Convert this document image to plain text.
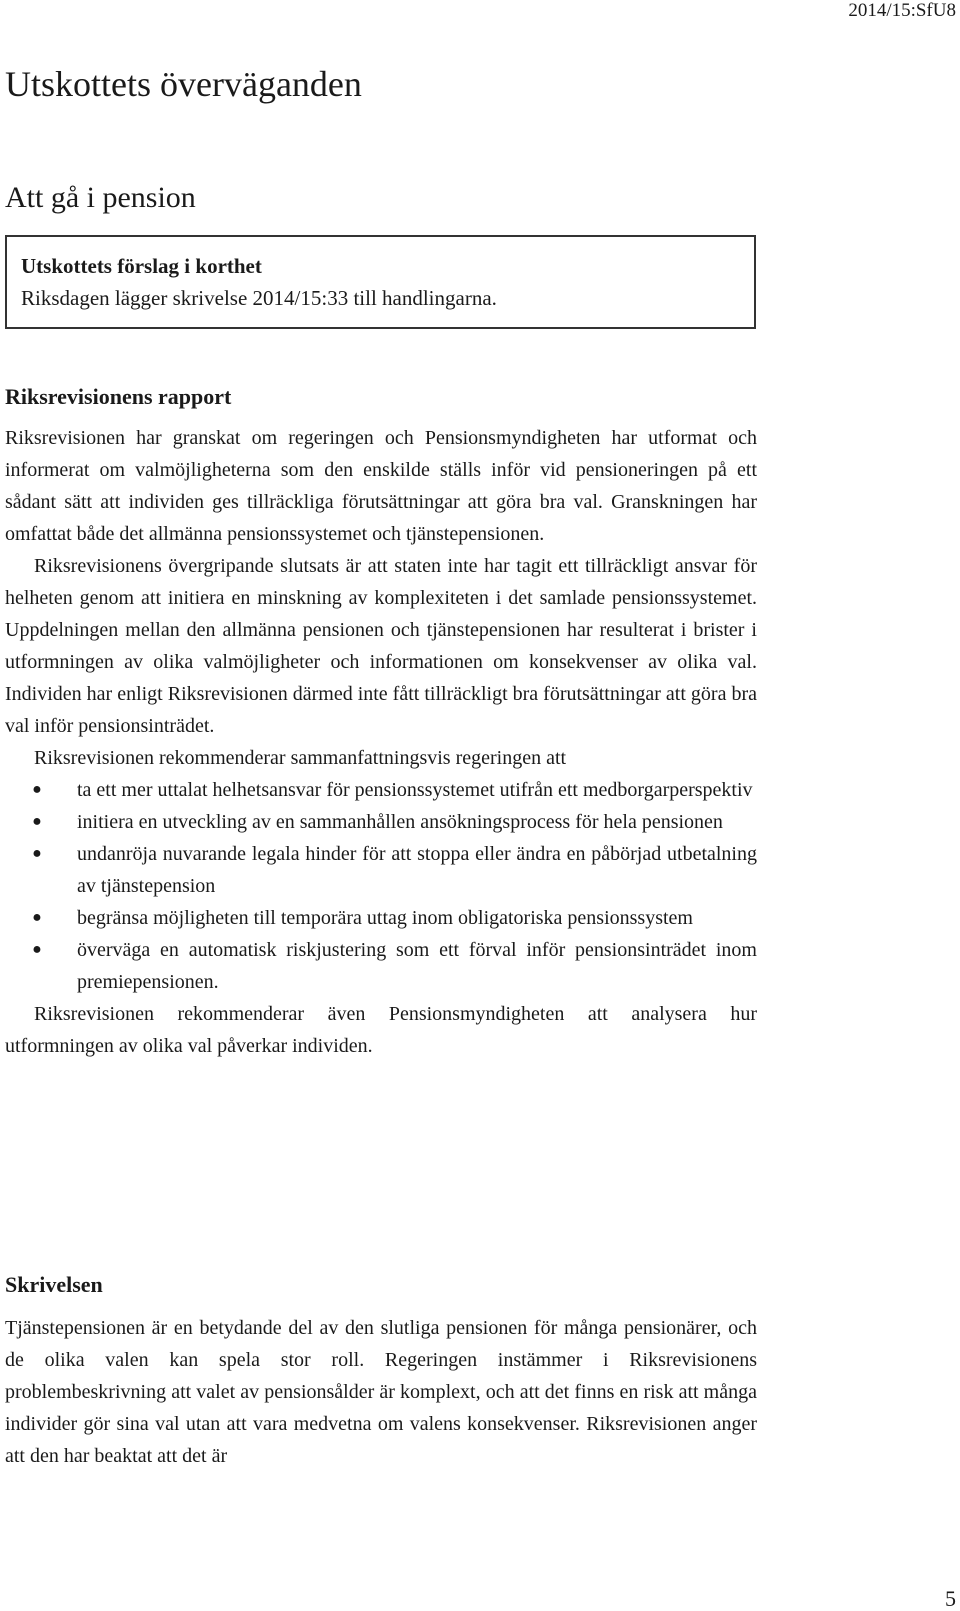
2014/15:SfU8
Utskottets överväganden
Att gå i pension
Utskottets förslag i korthet
Riksdagen lägger skrivelse 2014/15:33 till handlingarna.
Riksrevisionens rapport

Riksrevisionen har granskat om regeringen och Pensionsmyndigheten har utformat och informerat om valmöjligheterna som den enskilde ställs inför vid pensioneringen på ett sådant sätt att individen ges tillräckliga förutsättningar att göra bra val. Granskningen har omfattat både det allmänna pensionssystemet och tjänstepensionen.

Riksrevisionens övergripande slutsats är att staten inte har tagit ett tillräckligt ansvar för helheten genom att initiera en minskning av komplexiteten i det samlade pensionssystemet. Uppdelningen mellan den allmänna pensionen och tjänstepensionen har resulterat i brister i utformningen av olika valmöjligheter och informationen om konsekvenser av olika val. Individen har enligt Riksrevisionen därmed inte fått tillräckligt bra förutsättningar att göra bra val inför pensionsinträdet.

Riksrevisionen rekommenderar sammanfattningsvis regeringen att

● ta ett mer uttalat helhetsansvar för pensionssystemet utifrån ett medborgarperspektiv
● initiera en utveckling av en sammanhållen ansökningsprocess för hela pensionen
● undanröja nuvarande legala hinder för att stoppa eller ändra en påbörjad utbetalning av tjänstepension
● begränsa möjligheten till temporära uttag inom obligatoriska pensionssystem
● överväga en automatisk riskjustering som ett förval inför pensionsinträdet inom premiepensionen.

Riksrevisionen rekommenderar även Pensionsmyndigheten att analysera hur utformningen av olika val påverkar individen.

Skrivelsen

Tjänstepensionen är en betydande del av den slutliga pensionen för många pensionärer, och de olika valen kan spela stor roll. Regeringen instämmer i Riksrevisionens problembeskrivning att valet av pensionsålder är komplext, och att det finns en risk att många individer gör sina val utan att vara medvetna om valens konsekvenser. Riksrevisionen anger att den har beaktat att det är

5
